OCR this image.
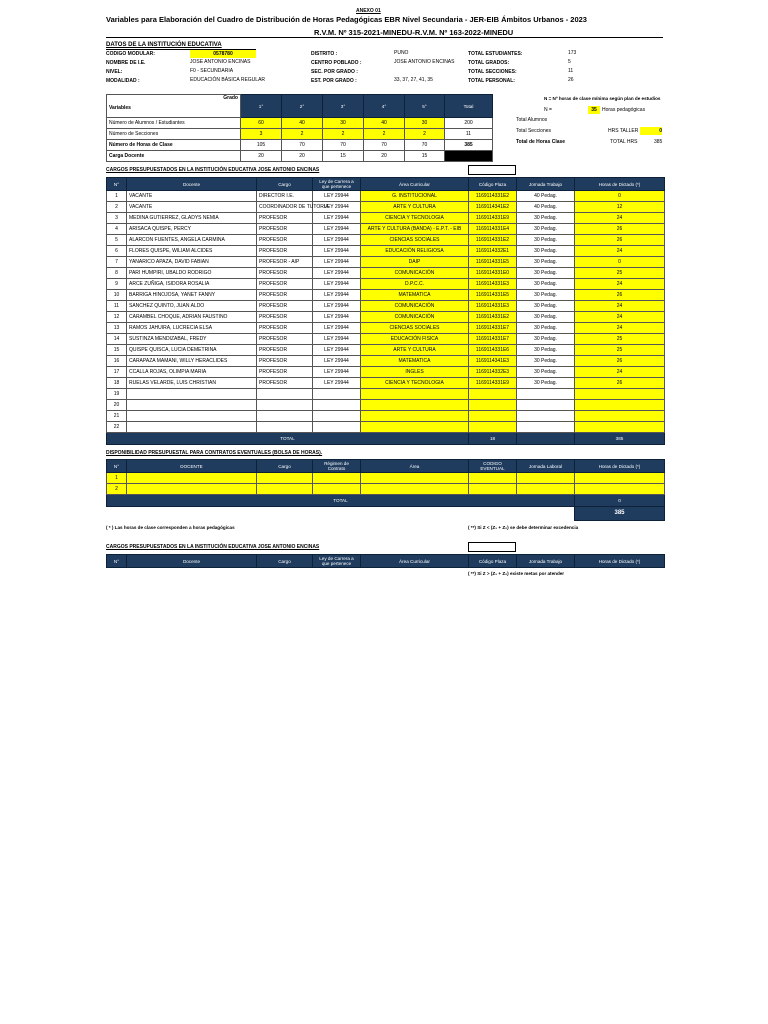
ANEXO 01
Variables para Elaboración del Cuadro de Distribución de Horas Pedagógicas EBR Nivel Secundaria - JER-EIB Ámbitos Urbanos - 2023
R.V.M. Nº 315-2021-MINEDU-R.V.M. Nº 163-2022-MINEDU
DATOS DE LA INSTITUCIÓN EDUCATIVA
CODIGO MODULAR:	0578780
NOMBRE DE I.E.	JOSE ANTONIO ENCINAS
NIVEL:	F0 - SECUNDARIA
MODALIDAD :	EDUCACIÓN BÁSICA REGULAR
DISTRITO :	PUNO
CENTRO POBLADO :	JOSE ANTONIO ENCINAS
SEC. POR GRADO :
EST. POR GRADO :	33, 37, 27, 41, 35
TOTAL ESTUDIANTES:	173
TOTAL GRADOS:	5
TOTAL SECCIONES:	11
TOTAL PERSONAL:	26
Grado
Variables	1°	2°	3°	4°	5°	Total	
Número de Alumnos / Estudiantes	60	40	30	40	30	200	
Número de Secciones	3	2	2	2	2	11	
Número de Horas de Clase	105	70	70	70	70	385	
Carga Docente	20	20	15	20	15		
N = Nº horas de clase mínima según plan de estudios
N =	35	Horas pedagógicas
Total Alumnos
Total Secciones	HRS TALLER	0
Total de Horas Clase	TOTAL HRS	385
CARGOS PRESUPUESTADOS EN LA INSTITUCIÓN EDUCATIVA JOSE ANTONIO ENCINAS
N°	Docente	Cargo	Ley de Carrera a que pertenece	Área Curricular	Código Plaza	Jornada Trabajo	Horas de Dictado (*)
1	VACANTE	DIRECTOR I.E.	LEY 29944	G. INSTITUCIONAL	1169114331E2	40 Pedag.	0
2	VACANTE	COORDINADOR DE TUTORIA	LEY 29944	ARTE Y CULTURA	1169114341E2	40 Pedag.	12
3	MEDINA GUTIERREZ, GLADYS NEMIA	PROFESOR	LEY 29944	CIENCIA Y TECNOLOGIA	1169114331E9	30 Pedag.	24
4	ARISACA QUISPE, PERCY	PROFESOR	LEY 29944	ARTE Y CULTURA (BANDA) - E.P.T. - EIB	1169114331E4	30 Pedag.	26
5	ALARCON FUENTES, ANGELA CARMINA	PROFESOR	LEY 29944	CIENCIAS SOCIALES	1169114331E2	30 Pedag.	26
6	FLORES QUISPE, WILIAM ALCIDES	PROFESOR	LEY 29944	EDUCACIÓN RELIGIOSA	1169114332E1	30 Pedag.	24
7	YANARICO APAZA, DAVID FABIAN	PROFESOR - AIP	LEY 29944	DAIP	1169114331E5	30 Pedag.	0
8	PARI HUMPIRI, UBALDO RODRIGO	PROFESOR	LEY 29944	COMUNICACIÓN	1169114331E0	30 Pedag.	25
9	ARCE ZUÑIGA, ISIDORA ROSALIA	PROFESOR	LEY 29944	D.P.C.C.	1169114331E3	30 Pedag.	24
10	BARRIGA HINOJOSA, YANET FANNY	PROFESOR	LEY 29944	MATEMATICA	1169114331E5	30 Pedag.	26
11	SANCHEZ QUINTO, JUAN ALDO	PROFESOR	LEY 29944	COMUNICACIÓN	1169114331E3	30 Pedag.	24
12	CARAMBEL CHOQUE, ADRIAN FAUSTINO	PROFESOR	LEY 29944	COMUNICACIÓN	1169114331E2	30 Pedag.	24
13	RAMOS JAHUIRA, LUCRECIA ELSA	PROFESOR	LEY 29944	CIENCIAS SOCIALES	1169114331E7	30 Pedag.	24
14	SUSTINZA MENDIZABAL, FREDY	PROFESOR	LEY 29944	EDUCACIÓN FISICA	1169114331E7	30 Pedag.	25
15	QUISPE QUISCA, LUCIA DEMETRINA	PROFESOR	LEY 29944	ARTE Y CULTURA	1169114331E6	30 Pedag.	25
16	CARAPAZA MAMANI, WILLY HERACLIDES	PROFESOR	LEY 29944	MATEMATICA	1169114341E3	30 Pedag.	26
17	CCALLA ROJAS, OLIMPIA MARIA	PROFESOR	LEY 29944	INGLES	1169114332E3	30 Pedag.	24
18	RUELAS VELARDE, LUIS CHRISTIAN	PROFESOR	LEY 29944	CIENCIA Y TECNOLOGIA	1169114331E9	30 Pedag.	26
19							
20							
21							
22							
TOTAL					18		385
DISPONIBILIDAD PRESUPUESTAL PARA CONTRATOS EVENTUALES (BOLSA DE HORAS).
N°	DOCENTE	Cargo	Régimen de Contrato	Área	CODIGO EVENTUAL	Jornada Laboral	Horas de Dictado (*)
1							
2							
TOTAL							0
							385
( * ) Las horas de clase corresponden a horas pedagógicas	( **) Si Z < (Z₁ + Z₂) se debe determinar excedencia
CARGOS PRESUPUESTADOS EN LA INSTITUCIÓN EDUCATIVA JOSE ANTONIO ENCINAS
N°	Docente	Cargo	Ley de Carrera a que pertenece	Área Curricular	Código Plaza	Jornada Trabajo	Horas de Dictado (*)
( **) Si Z > (Z₁ + Z₂) existe metas por atender
